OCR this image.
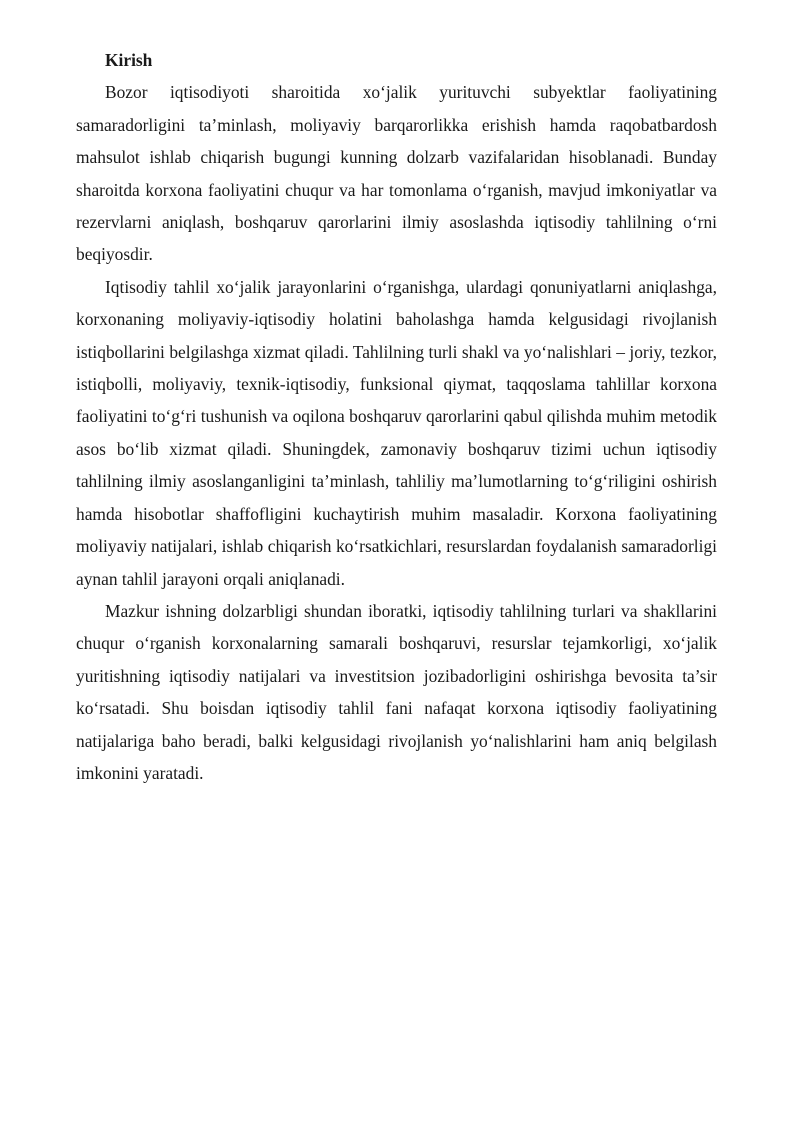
Kirish

Bozor iqtisodiyoti sharoitida xo‘jalik yurituvchi subyektlar faoliyatining samaradorligini ta’minlash, moliyaviy barqarorlikka erishish hamda raqobatbardosh mahsulot ishlab chiqarish bugungi kunning dolzarb vazifalaridan hisoblanadi. Bunday sharoitda korxona faoliyatini chuqur va har tomonlama o‘rganish, mavjud imkoniyatlar va rezervlarni aniqlash, boshqaruv qarorlarini ilmiy asoslashda iqtisodiy tahlilning o‘rni beqiyosdir.

Iqtisodiy tahlil xo‘jalik jarayonlarini o‘rganishga, ulardagi qonuniyatlarni aniqlashga, korxonaning moliyaviy-iqtisodiy holatini baholashga hamda kelgusidagi rivojlanish istiqbollarini belgilashga xizmat qiladi. Tahlilning turli shakl va yo‘nalishlari – joriy, tezkor, istiqbolli, moliyaviy, texnik-iqtisodiy, funksional qiymat, taqqoslama tahlillar korxona faoliyatini to‘g‘ri tushunish va oqilona boshqaruv qarorlarini qabul qilishda muhim metodik asos bo‘lib xizmat qiladi. Shuningdek, zamonaviy boshqaruv tizimi uchun iqtisodiy tahlilning ilmiy asoslanganligini ta’minlash, tahliliy ma’lumotlarning to‘g‘riligini oshirish hamda hisobotlar shaffofligini kuchaytirish muhim masaladir. Korxona faoliyatining moliyaviy natijalari, ishlab chiqarish ko‘rsatkichlari, resurslardan foydalanish samaradorligi aynan tahlil jarayoni orqali aniqlanadi.

Mazkur ishning dolzarbligi shundan iboratki, iqtisodiy tahlilning turlari va shakllarini chuqur o‘rganish korxonalarning samarali boshqaruvi, resurslar tejamkorligi, xo‘jalik yuritishning iqtisodiy natijalari va investitsion jozibadorligini oshirishga bevosita ta’sir ko‘rsatadi. Shu boisdan iqtisodiy tahlil fani nafaqat korxona iqtisodiy faoliyatining natijalariga baho beradi, balki kelgusidagi rivojlanish yo‘nalishlarini ham aniq belgilash imkonini yaratadi.
